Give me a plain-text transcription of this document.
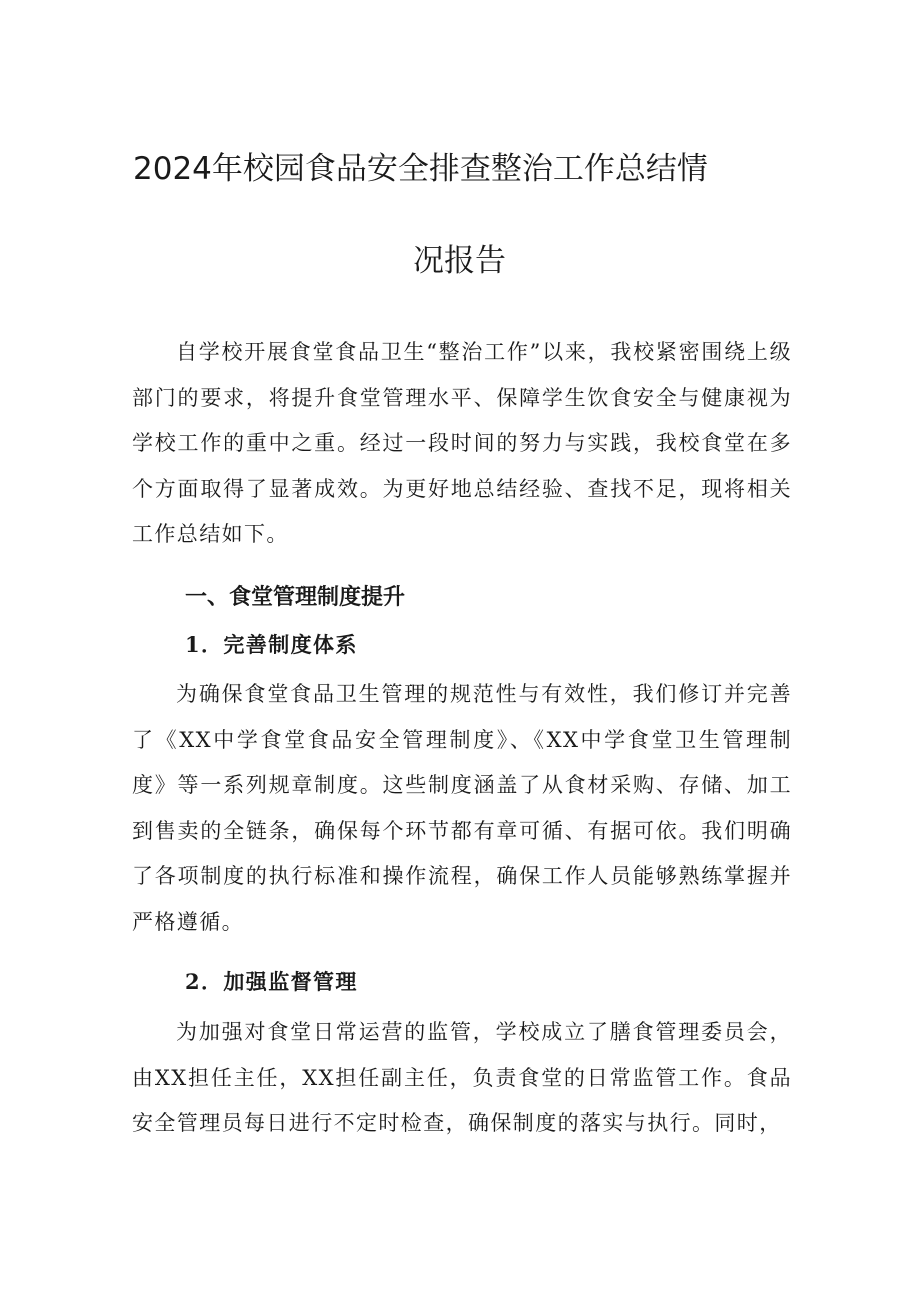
2024年校园食品安全排查整治工作总结情
况报告

自学校开展食堂食品卫生“整治工作”以来，我校紧密围绕上级部门的要求，将提升食堂管理水平、保障学生饮食安全与健康视为学校工作的重中之重。经过一段时间的努力与实践，我校食堂在多个方面取得了显著成效。为更好地总结经验、查找不足，现将相关工作总结如下。

一、食堂管理制度提升
1．完善制度体系

为确保食堂食品卫生管理的规范性与有效性，我们修订并完善了《XX中学食堂食品安全管理制度》、《XX中学食堂卫生管理制度》等一系列规章制度。这些制度涵盖了从食材采购、存储、加工到售卖的全链条，确保每个环节都有章可循、有据可依。我们明确了各项制度的执行标准和操作流程，确保工作人员能够熟练掌握并严格遵循。

2．加强监督管理

为加强对食堂日常运营的监管，学校成立了膳食管理委员会，由XX担任主任，XX担任副主任，负责食堂的日常监管工作。食品安全管理员每日进行不定时检查，确保制度的落实与执行。同时，
